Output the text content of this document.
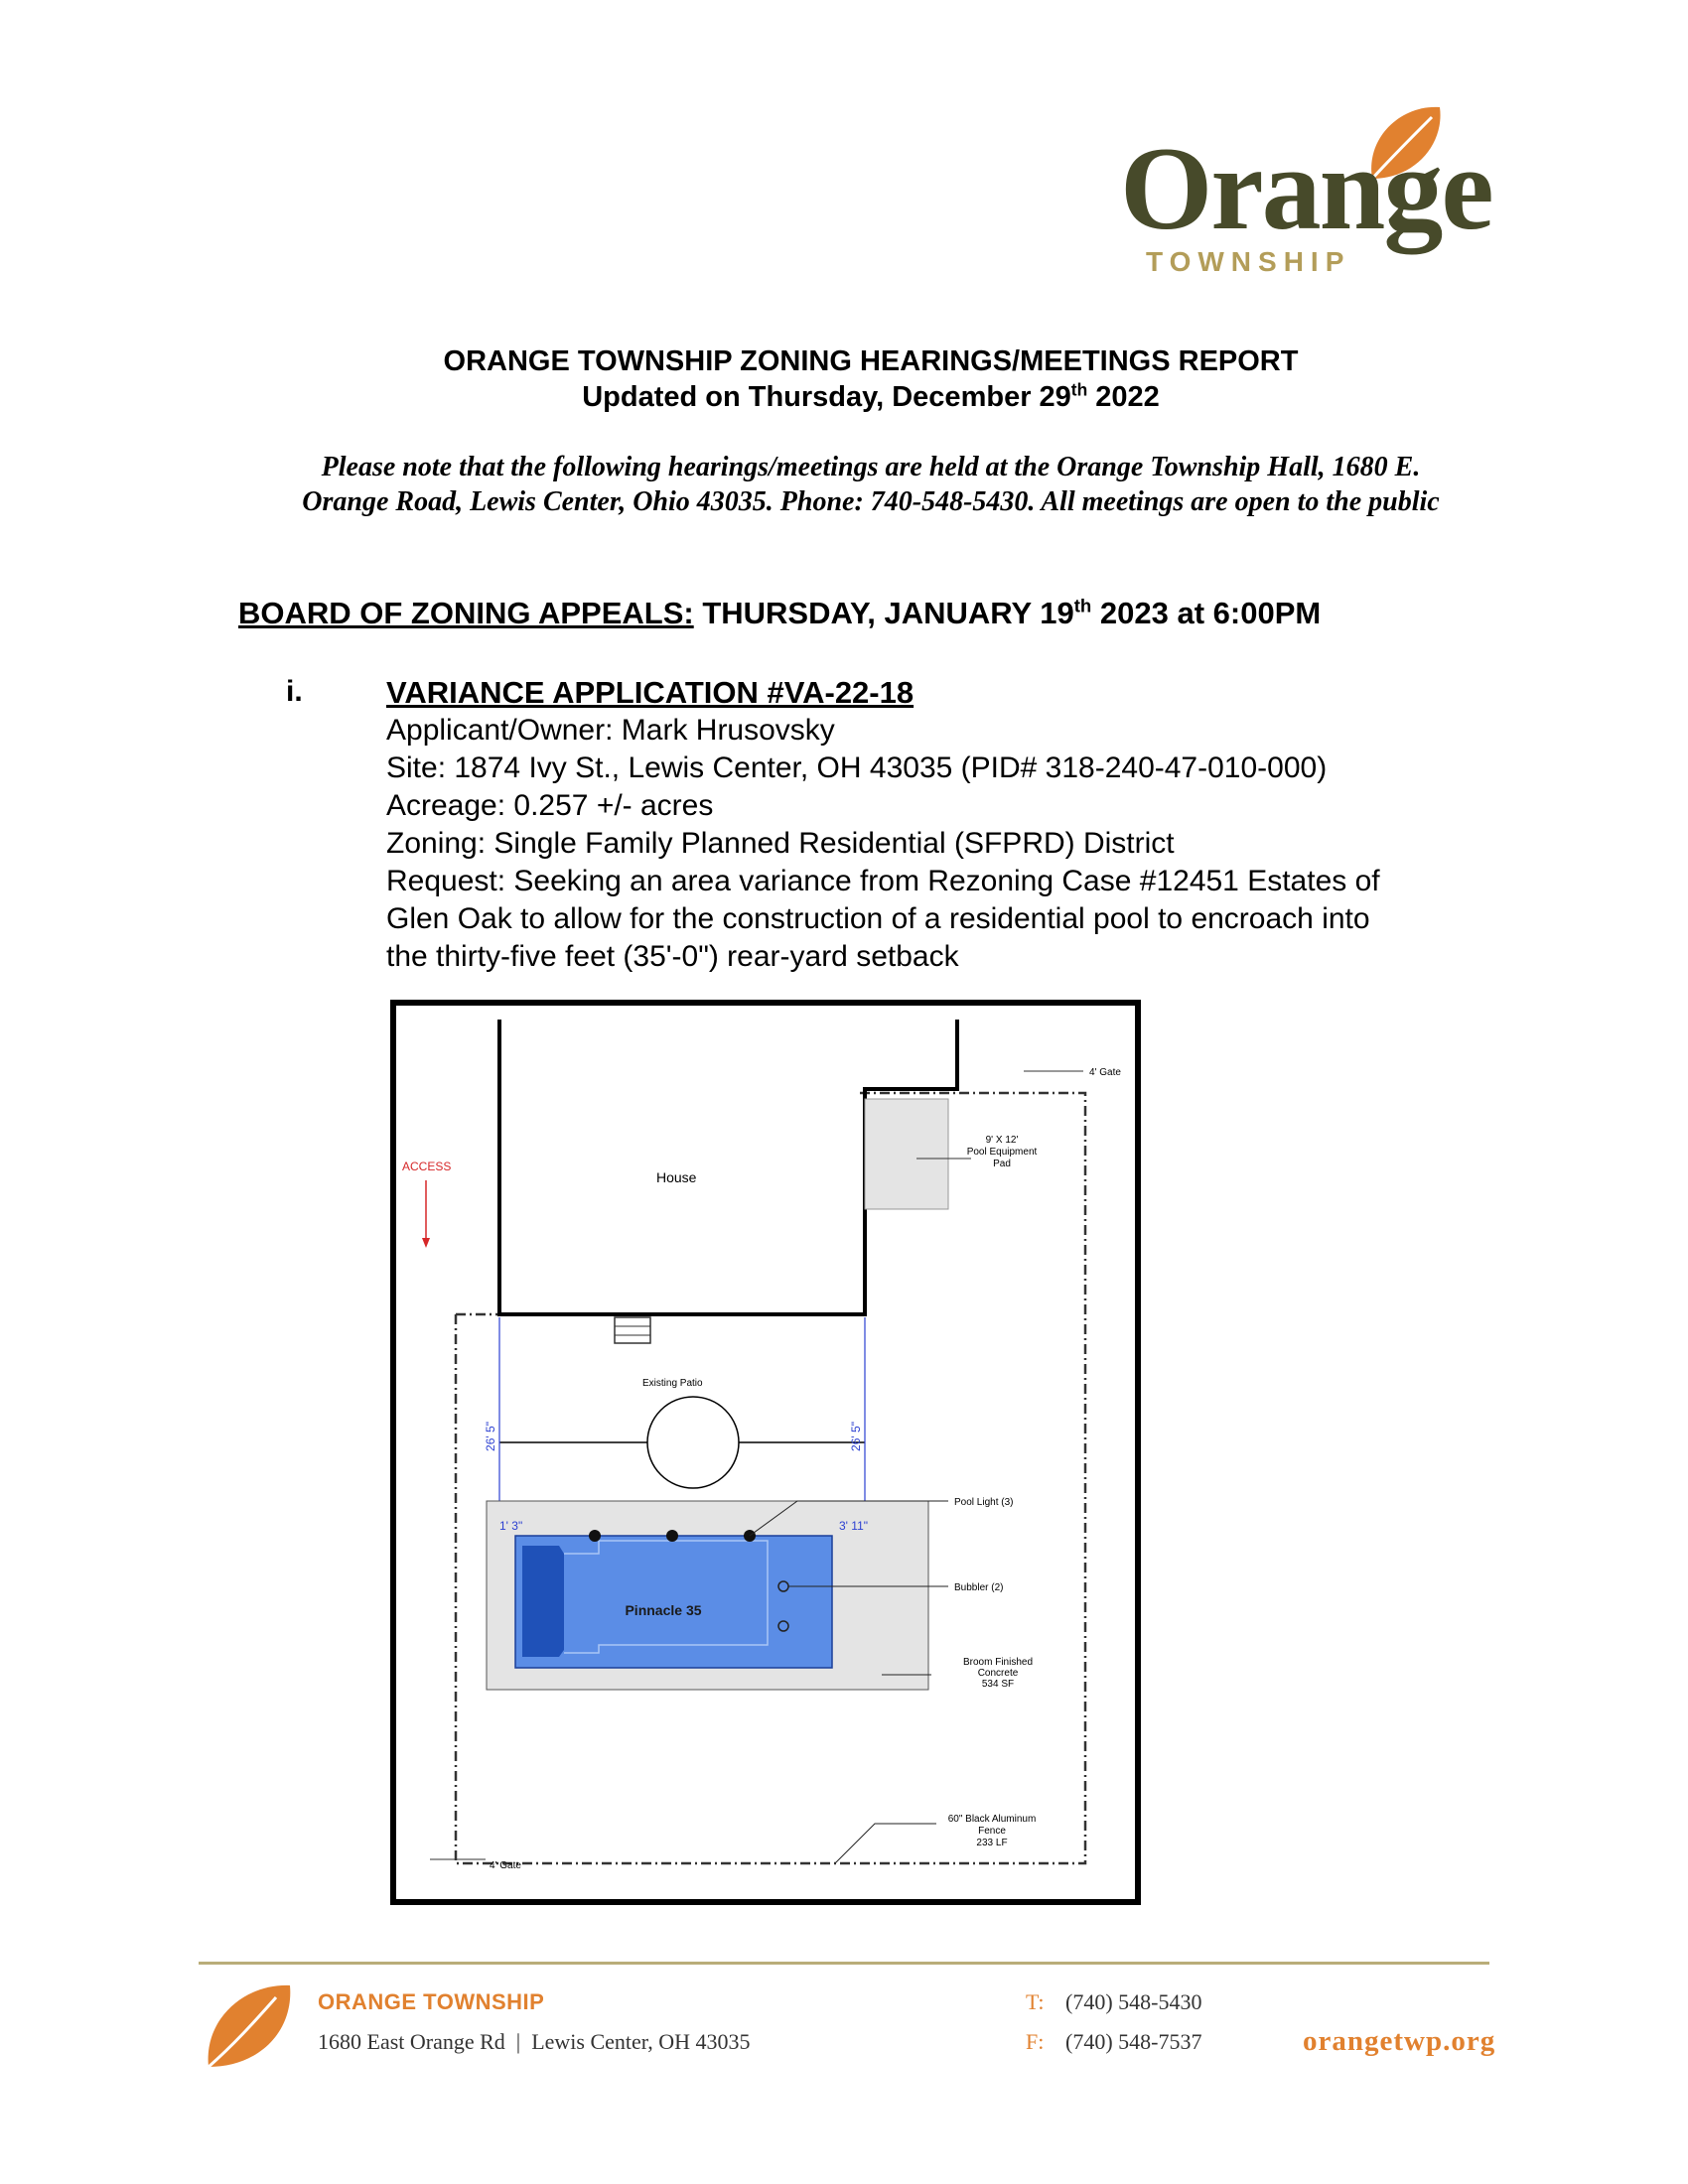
Orange
TOWNSHIP
ORANGE TOWNSHIP ZONING HEARINGS/MEETINGS REPORT
Updated on Thursday, December 29th 2022
Please note that the following hearings/meetings are held at the Orange Township Hall, 1680 E.
Orange Road, Lewis Center, Ohio 43035. Phone: 740-548-5430. All meetings are open to the public
BOARD OF ZONING APPEALS: THURSDAY, JANUARY 19th 2023 at 6:00PM
i.	VARIANCE APPLICATION #VA-22-18
Applicant/Owner: Mark Hrusovsky
Site: 1874 Ivy St., Lewis Center, OH 43035 (PID# 318-240-47-010-000)
Acreage: 0.257 +/- acres
Zoning: Single Family Planned Residential (SFPRD) District
Request: Seeking an area variance from Rezoning Case #12451 Estates of
Glen Oak to allow for the construction of a residential pool to encroach into
the thirty-five feet (35'-0") rear-yard setback
House
ACCESS
9' X 12'
Pool Equipment
Pad
4' Gate
4' Gate
Existing Patio
26' 5"	26' 5"
1' 3"	3' 11"
Pinnacle 35
Pool Light (3)
Bubbler (2)
Broom Finished
Concrete
534 SF
60" Black Aluminum
Fence
233 LF
ORANGE TOWNSHIP
1680 East Orange Rd | Lewis Center, OH 43035
T: (740) 548-5430
F: (740) 548-7537	orangetwp.org
